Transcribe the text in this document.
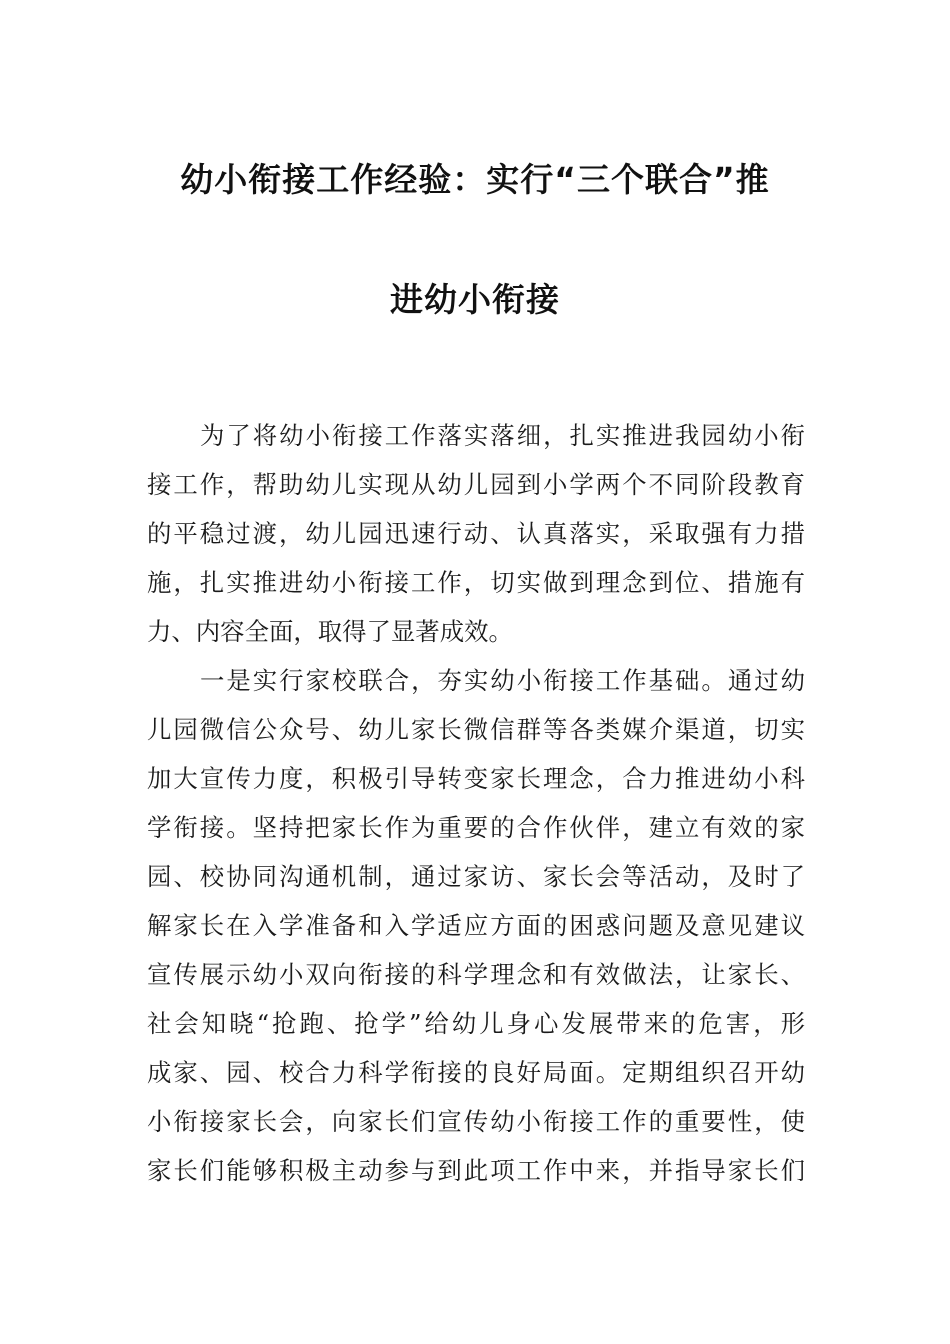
幼小衔接工作经验：实行“三个联合”推
进幼小衔接
为了将幼小衔接工作落实落细，扎实推进我园幼小衔
接工作，帮助幼儿实现从幼儿园到小学两个不同阶段教育
的平稳过渡，幼儿园迅速行动、认真落实，采取强有力措
施，扎实推进幼小衔接工作，切实做到理念到位、措施有
力、内容全面，取得了显著成效。
一是实行家校联合，夯实幼小衔接工作基础。通过幼
儿园微信公众号、幼儿家长微信群等各类媒介渠道，切实
加大宣传力度，积极引导转变家长理念，合力推进幼小科
学衔接。坚持把家长作为重要的合作伙伴，建立有效的家
园、校协同沟通机制，通过家访、家长会等活动，及时了
解家长在入学准备和入学适应方面的困惑问题及意见建议
宣传展示幼小双向衔接的科学理念和有效做法，让家长、
社会知晓“抢跑、抢学”给幼儿身心发展带来的危害，形
成家、园、校合力科学衔接的良好局面。定期组织召开幼
小衔接家长会，向家长们宣传幼小衔接工作的重要性，使
家长们能够积极主动参与到此项工作中来，并指导家长们
